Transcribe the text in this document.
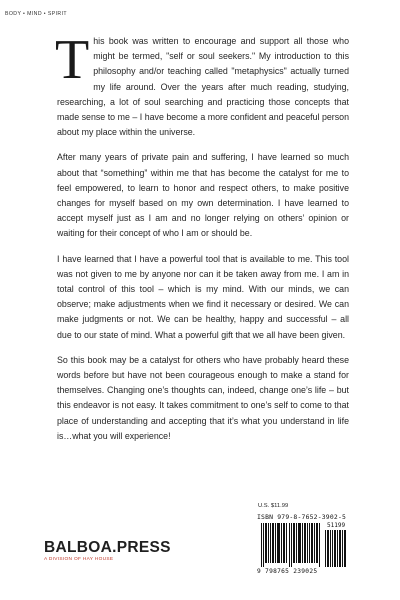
BODY • MIND • SPIRIT

This book was written to encourage and support all those who might be termed, "self or soul seekers." My introduction to this philosophy and/or teaching called "metaphysics" actually turned my life around. Over the years after much reading, studying, researching, a lot of soul searching and practicing those concepts that made sense to me – I have become a more confident and peaceful person about my place within the universe.

After many years of private pain and suffering, I have learned so much about that “something” within me that has become the catalyst for me to feel empowered, to learn to honor and respect others, to make positive changes for myself based on my own determination. I have learned to accept myself just as I am and no longer relying on others’ opinion or waiting for their concept of who I am or should be.

I have learned that I have a powerful tool that is available to me. This tool was not given to me by anyone nor can it be taken away from me. I am in total control of this tool – which is my mind. With our minds, we can observe; make adjustments when we find it necessary or desired. We can make judgments or not. We can be healthy, happy and successful – all due to our state of mind. What a powerful gift that we all have been given.

So this book may be a catalyst for others who have probably heard these words before but have not been courageous enough to make a stand for themselves. Changing one’s thoughts can, indeed, change one’s life – but this endeavor is not easy. It takes commitment to one’s self to come to that place of understanding and accepting that it’s what you understand in life is…what you will experience!

U.S. $11.99
ISBN 979-8-7652-3902-5
51199
9 798765 239025
BALBOA.PRESS
A DIVISION OF HAY HOUSE
